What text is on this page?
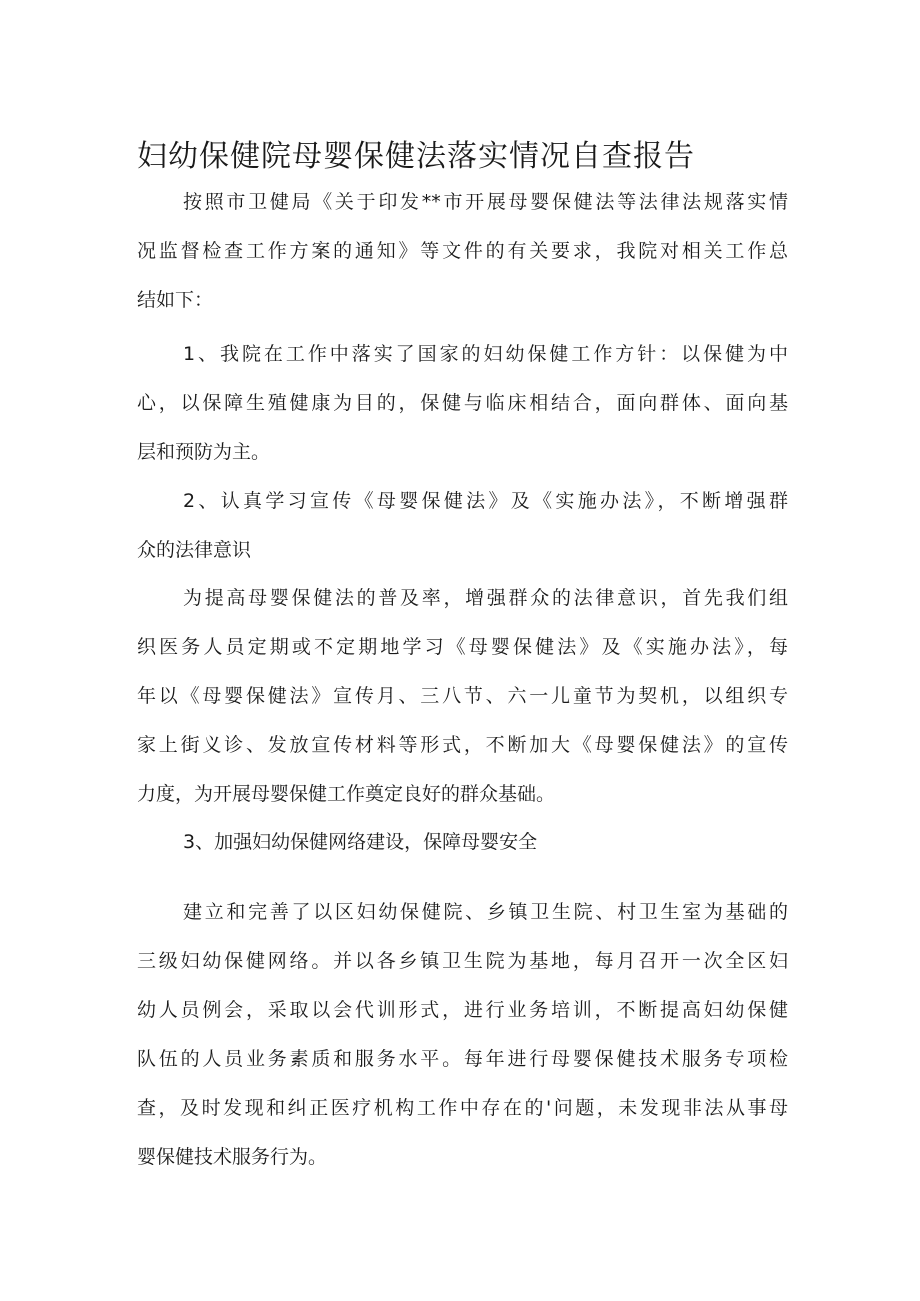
妇幼保健院母婴保健法落实情况自查报告
按照市卫健局《关于印发**市开展母婴保健法等法律法规落实情
况监督检查工作方案的通知》等文件的有关要求，我院对相关工作总
结如下：
1、我院在工作中落实了国家的妇幼保健工作方针：以保健为中
心，以保障生殖健康为目的，保健与临床相结合，面向群体、面向基
层和预防为主。
2、认真学习宣传《母婴保健法》及《实施办法》，不断增强群
众的法律意识
为提高母婴保健法的普及率，增强群众的法律意识，首先我们组
织医务人员定期或不定期地学习《母婴保健法》及《实施办法》，每
年以《母婴保健法》宣传月、三八节、六一儿童节为契机，以组织专
家上街义诊、发放宣传材料等形式，不断加大《母婴保健法》的宣传
力度，为开展母婴保健工作奠定良好的群众基础。
3、加强妇幼保健网络建设，保障母婴安全
建立和完善了以区妇幼保健院、乡镇卫生院、村卫生室为基础的
三级妇幼保健网络。并以各乡镇卫生院为基地，每月召开一次全区妇
幼人员例会，采取以会代训形式，进行业务培训，不断提高妇幼保健
队伍的人员业务素质和服务水平。每年进行母婴保健技术服务专项检
查，及时发现和纠正医疗机构工作中存在的'问题，未发现非法从事母
婴保健技术服务行为。
